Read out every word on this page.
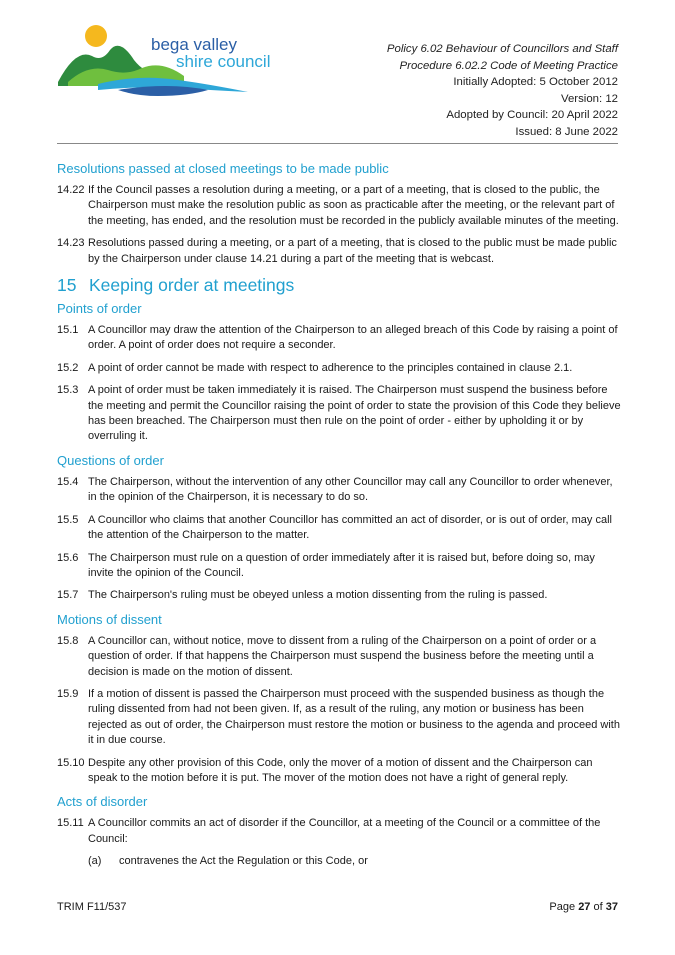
bega valley
shire council
Policy 6.02 Behaviour of Councillors and Staff
Procedure 6.02.2 Code of Meeting Practice
Initially Adopted: 5 October 2012
Version: 12
Adopted by Council: 20 April 2022
Issued: 8 June 2022
Resolutions passed at closed meetings to be made public
14.22 If the Council passes a resolution during a meeting, or a part of a meeting, that is closed to the public, the Chairperson must make the resolution public as soon as practicable after the meeting, or the relevant part of the meeting, has ended, and the resolution must be recorded in the publicly available minutes of the meeting.
14.23 Resolutions passed during a meeting, or a part of a meeting, that is closed to the public must be made public by the Chairperson under clause 14.21 during a part of the meeting that is webcast.
15 Keeping order at meetings
Points of order
15.1 A Councillor may draw the attention of the Chairperson to an alleged breach of this Code by raising a point of order. A point of order does not require a seconder.
15.2 A point of order cannot be made with respect to adherence to the principles contained in clause 2.1.
15.3 A point of order must be taken immediately it is raised. The Chairperson must suspend the business before the meeting and permit the Councillor raising the point of order to state the provision of this Code they believe has been breached. The Chairperson must then rule on the point of order - either by upholding it or by overruling it.
Questions of order
15.4 The Chairperson, without the intervention of any other Councillor may call any Councillor to order whenever, in the opinion of the Chairperson, it is necessary to do so.
15.5 A Councillor who claims that another Councillor has committed an act of disorder, or is out of order, may call the attention of the Chairperson to the matter.
15.6 The Chairperson must rule on a question of order immediately after it is raised but, before doing so, may invite the opinion of the Council.
15.7 The Chairperson's ruling must be obeyed unless a motion dissenting from the ruling is passed.
Motions of dissent
15.8 A Councillor can, without notice, move to dissent from a ruling of the Chairperson on a point of order or a question of order. If that happens the Chairperson must suspend the business before the meeting until a decision is made on the motion of dissent.
15.9 If a motion of dissent is passed the Chairperson must proceed with the suspended business as though the ruling dissented from had not been given. If, as a result of the ruling, any motion or business has been rejected as out of order, the Chairperson must restore the motion or business to the agenda and proceed with it in due course.
15.10 Despite any other provision of this Code, only the mover of a motion of dissent and the Chairperson can speak to the motion before it is put. The mover of the motion does not have a right of general reply.
Acts of disorder
15.11 A Councillor commits an act of disorder if the Councillor, at a meeting of the Council or a committee of the Council:
(a) contravenes the Act the Regulation or this Code, or
TRIM F11/537	Page 27 of 37
